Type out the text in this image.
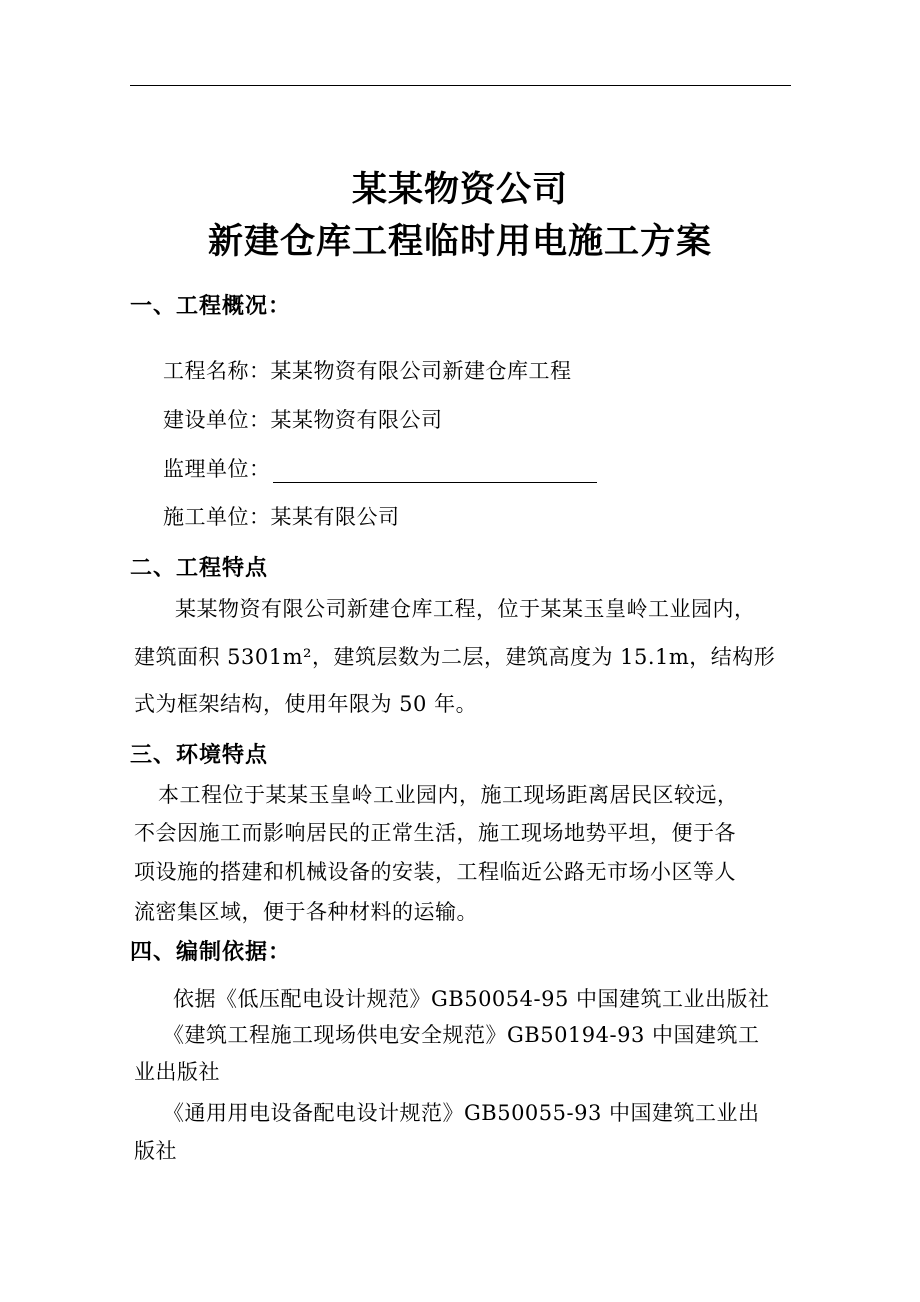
某某物资公司
新建仓库工程临时用电施工方案
一、工程概况：
工程名称：某某物资有限公司新建仓库工程
建设单位：某某物资有限公司
监理单位：
施工单位：某某有限公司
二、工程特点
某某物资有限公司新建仓库工程，位于某某玉皇岭工业园内，
建筑面积 5301m²，建筑层数为二层，建筑高度为 15.1m，结构形
式为框架结构，使用年限为 50 年。
三、环境特点
本工程位于某某玉皇岭工业园内，施工现场距离居民区较远，
不会因施工而影响居民的正常生活，施工现场地势平坦，便于各
项设施的搭建和机械设备的安装，工程临近公路无市场小区等人
流密集区域，便于各种材料的运输。
四、编制依据：
依据《低压配电设计规范》GB50054-95 中国建筑工业出版社
《建筑工程施工现场供电安全规范》GB50194-93 中国建筑工
业出版社
《通用用电设备配电设计规范》GB50055-93 中国建筑工业出
版社
